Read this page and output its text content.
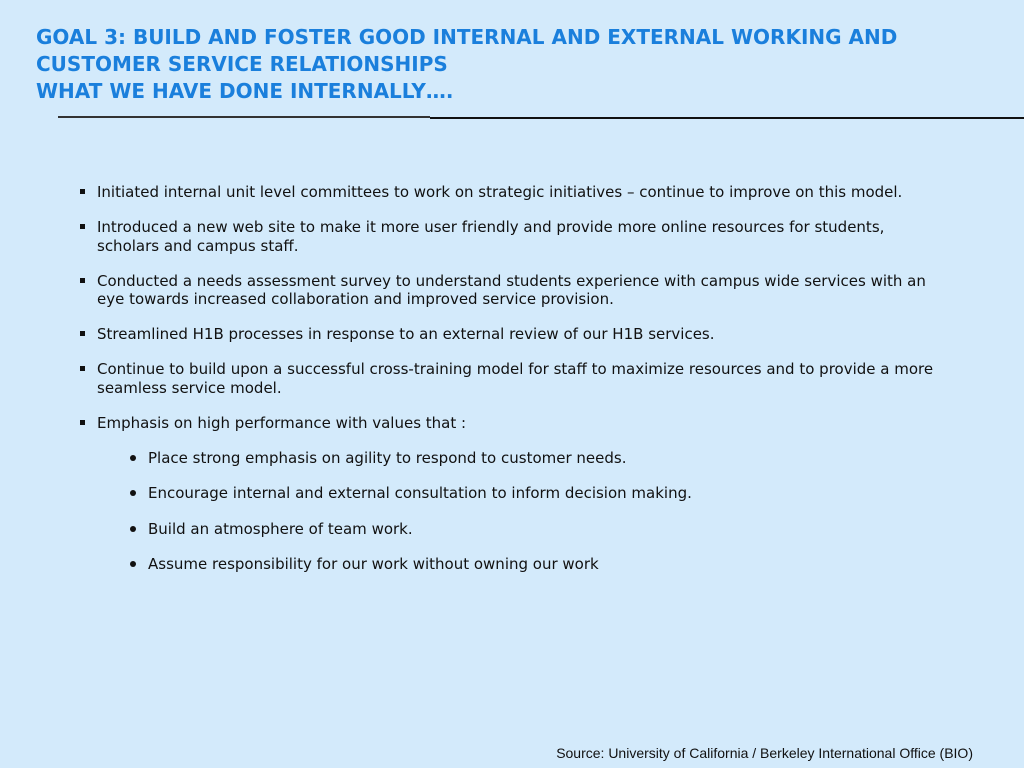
GOAL 3: BUILD AND FOSTER GOOD INTERNAL AND EXTERNAL WORKING AND
CUSTOMER SERVICE RELATIONSHIPS
WHAT WE HAVE DONE INTERNALLY….
Initiated internal unit level committees to work on strategic initiatives – continue to improve on this model.
Introduced a new web site to make it more user friendly and provide more online resources for students, scholars and campus staff.
Conducted a needs assessment survey to understand students experience with campus wide services with an eye towards increased collaboration and improved service provision.
Streamlined H1B processes in response to an external review of our H1B services.
Continue to build upon a successful cross-training model for staff to maximize resources and to provide a more seamless service model.
Emphasis on high performance with values that :
Place strong emphasis on agility to respond to customer needs.
Encourage internal and external consultation to inform decision making.
Build an atmosphere of team work.
Assume responsibility for our work without owning our work
Source: University of California / Berkeley International Office (BIO)
